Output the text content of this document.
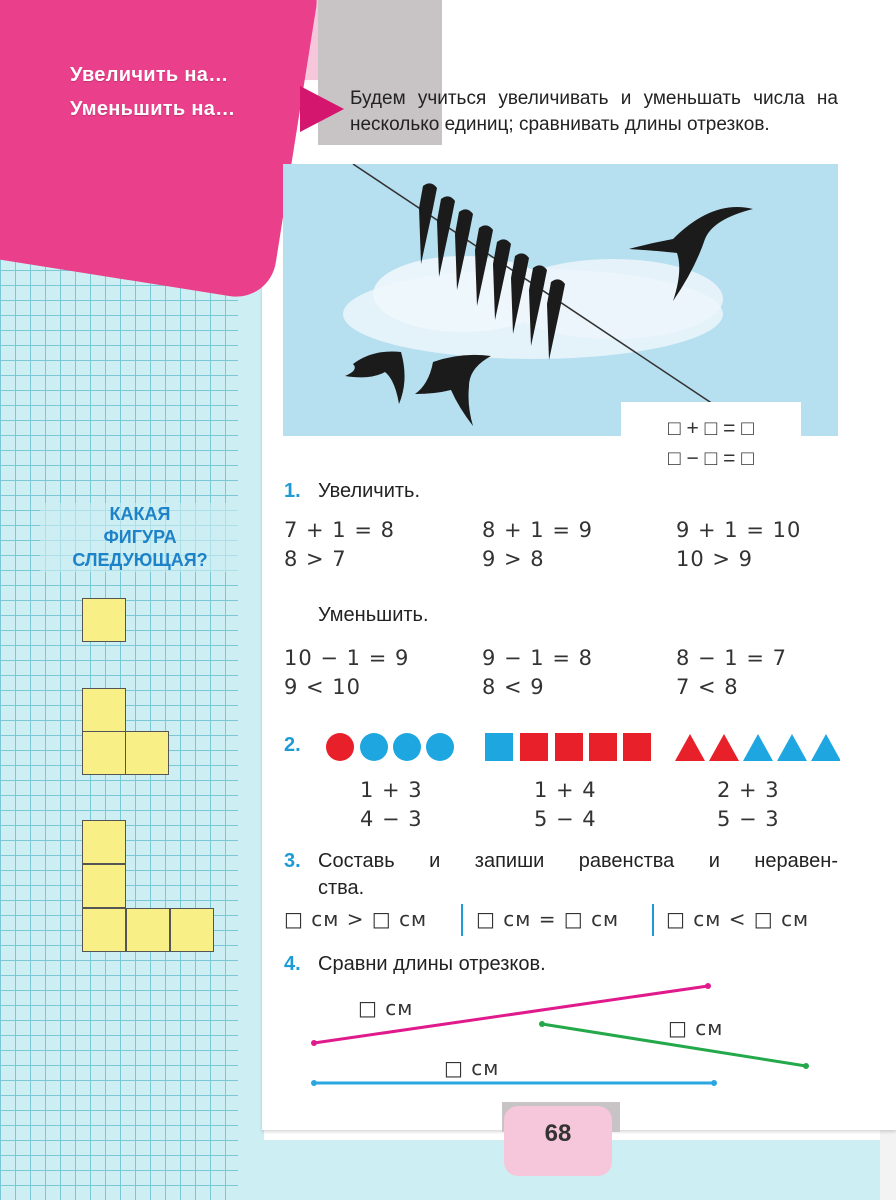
Увеличить на…
Уменьшить на…	Будем учиться увеличивать и уменьшать числа на несколько единиц; сравнивать длины отрезков.
□ + □ = □
□ − □ = □
1. Увеличить.
7 + 1 = 8
8 > 7
8 + 1 = 9
9 > 8
9 + 1 = 10
10 > 9
Уменьшить.
10 − 1 = 9
9 < 10
9 − 1 = 8
8 < 9
8 − 1 = 7
7 < 8
2.
1 + 3
4 − 3
1 + 4
5 − 4
2 + 3
5 − 3
3. Составь и запиши равенства и неравен-
ства.
□ см > □ см □ см = □ см □ см < □ см
4. Сравни длины отрезков.
□ см
□ см
□ см
КАКАЯ
ФИГУРА
СЛЕДУЮЩАЯ?
68
